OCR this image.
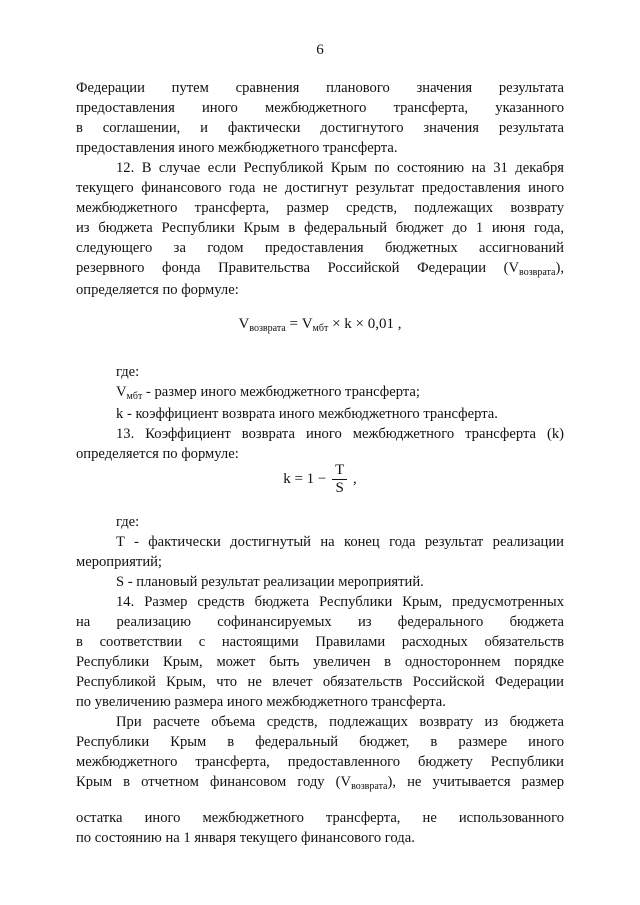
6
Федерации путем сравнения планового значения результата
предоставления иного межбюджетного трансферта, указанного
в соглашении, и фактически достигнутого значения результата
предоставления иного межбюджетного трансферта.
12. В случае если Республикой Крым по состоянию на 31 декабря
текущего финансового года не достигнут результат предоставления иного
межбюджетного трансферта, размер средств, подлежащих возврату
из бюджета Республики Крым в федеральный бюджет до 1 июня года,
следующего за годом предоставления бюджетных ассигнований
резервного фонда Правительства Российской Федерации $(V_{возврата})$,
определяется по формуле:
$V_{возврата} = V_{мбт} \times k \times 0,01$ ,
где:
$V_{мбт}$ - размер иного межбюджетного трансферта;
k - коэффициент возврата иного межбюджетного трансферта.
13. Коэффициент возврата иного межбюджетного трансферта (k)
определяется по формуле:
$k = 1 - \frac{T}{S}$ ,
где:
T - фактически достигнутый на конец года результат реализации
мероприятий;
S - плановый результат реализации мероприятий.
14. Размер средств бюджета Республики Крым, предусмотренных
на реализацию софинансируемых из федерального бюджета
в соответствии с настоящими Правилами расходных обязательств
Республики Крым, может быть увеличен в одностороннем порядке
Республикой Крым, что не влечет обязательств Российской Федерации
по увеличению размера иного межбюджетного трансферта.
При расчете объема средств, подлежащих возврату из бюджета
Республики Крым в федеральный бюджет, в размере иного
межбюджетного трансферта, предоставленного бюджету Республики
Крым в отчетном финансовом году $(V_{возврата})$, не учитывается размер
остатка иного межбюджетного трансферта, не использованного
по состоянию на 1 января текущего финансового года.
